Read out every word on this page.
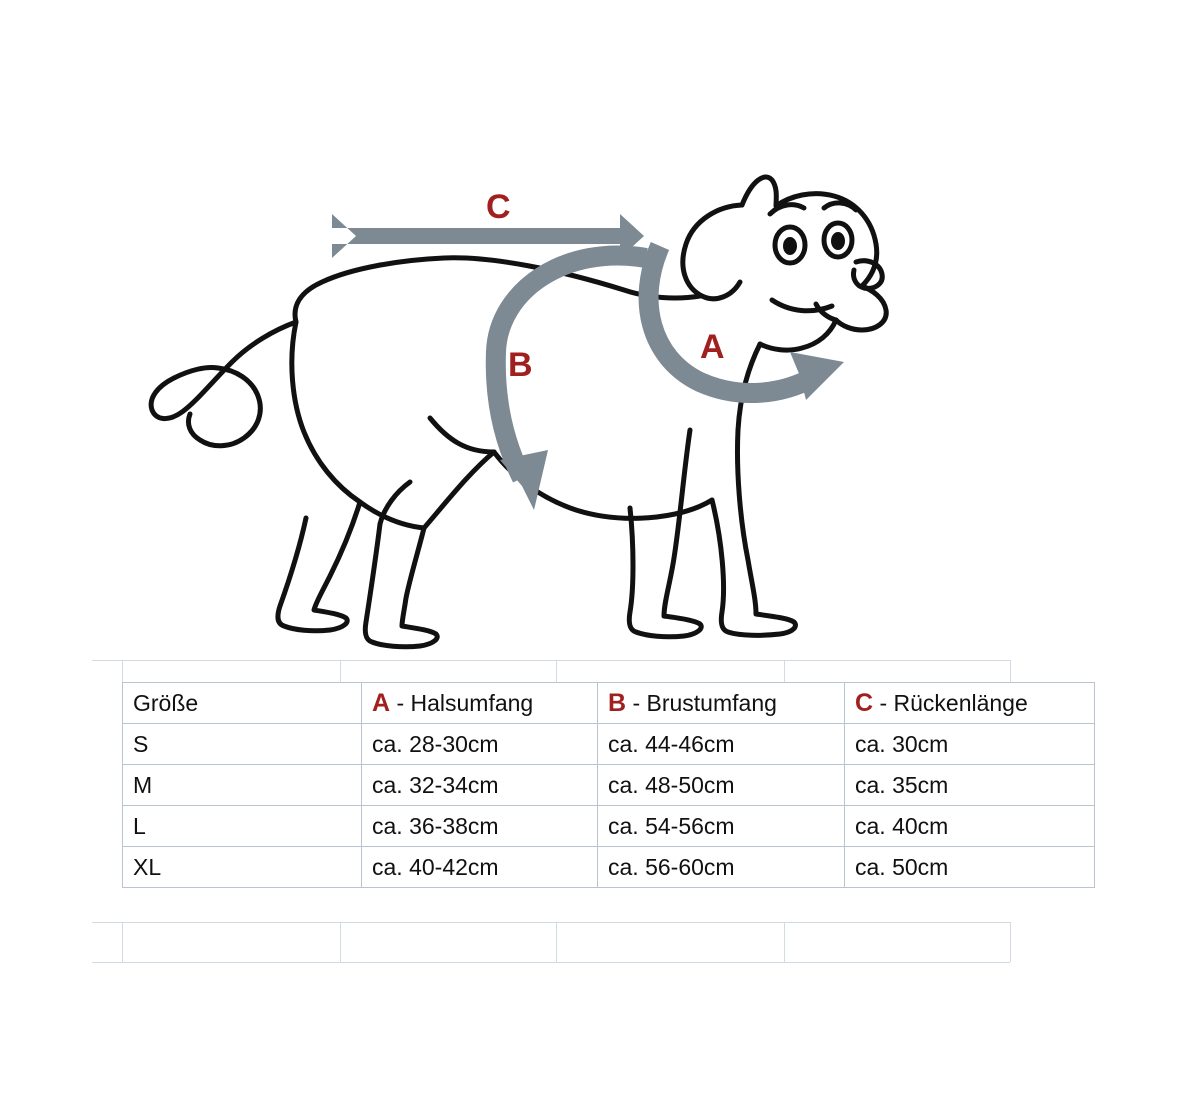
C
B	A
Größe	A - Halsumfang	B - Brustumfang	C - Rückenlänge
S	ca. 28-30cm	ca. 44-46cm	ca. 30cm
M	ca. 32-34cm	ca. 48-50cm	ca. 35cm
L	ca. 36-38cm	ca. 54-56cm	ca. 40cm
XL	ca. 40-42cm	ca. 56-60cm	ca. 50cm
